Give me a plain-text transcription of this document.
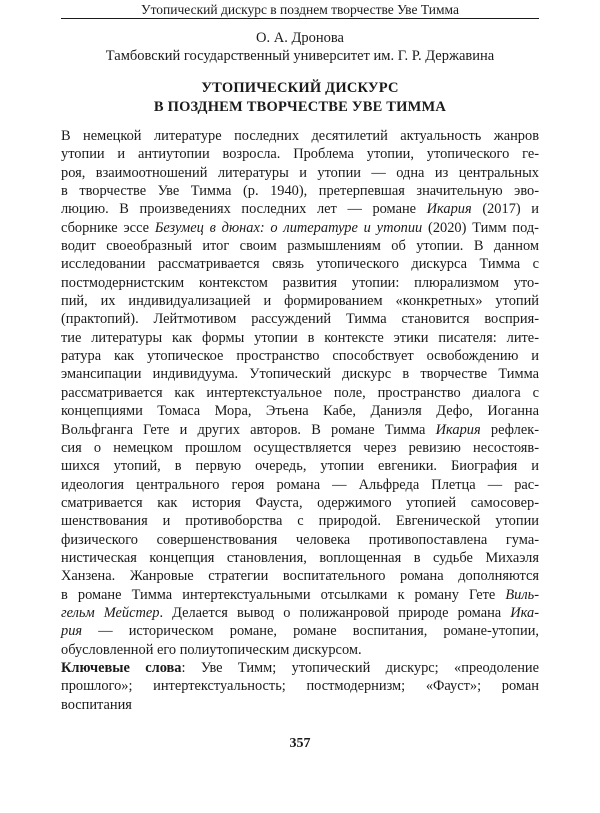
Утопический дискурс в позднем творчестве Уве Тимма
О. А. Дронова
Тамбовский государственный университет им. Г. Р. Державина
УТОПИЧЕСКИЙ ДИСКУРС
В ПОЗДНЕМ ТВОРЧЕСТВЕ УВЕ ТИММА
В немецкой литературе последних десятилетий актуальность жанров
утопии и антиутопии возросла. Проблема утопии, утопического ге-
роя, взаимоотношений литературы и утопии — одна из центральных
в творчестве Уве Тимма (р. 1940), претерпевшая значительную эво-
люцию. В произведениях последних лет — романе Икария (2017) и
сборнике эссе Безумец в дюнах: о литературе и утопии (2020) Тимм под-
водит своеобразный итог своим размышлениям об утопии. В данном
исследовании рассматривается связь утопического дискурса Тимма с
постмодернистским контекстом развития утопии: плюрализмом уто-
пий, их индивидуализацией и формированием «конкретных» утопий
(практопий). Лейтмотивом рассуждений Тимма становится восприя-
тие литературы как формы утопии в контексте этики писателя: лите-
ратура как утопическое пространство способствует освобождению и
эмансипации индивидуума. Утопический дискурс в творчестве Тимма
рассматривается как интертекстуальное поле, пространство диалога с
концепциями Томаса Мора, Этьена Кабе, Даниэля Дефо, Иоганна
Вольфганга Гете и других авторов. В романе Тимма Икария рефлек-
сия о немецком прошлом осуществляется через ревизию несостояв-
шихся утопий, в первую очередь, утопии евгеники. Биография и
идеология центрального героя романа — Альфреда Плетца — рас-
сматривается как история Фауста, одержимого утопией самосовер-
шенствования и противоборства с природой. Евгенической утопии
физического совершенствования человека противопоставлена гума-
нистическая концепция становления, воплощенная в судьбе Михаэля
Ханзена. Жанровые стратегии воспитательного романа дополняются
в романе Тимма интертекстуальными отсылками к роману Гете Виль-
гельм Мейстер. Делается вывод о полижанровой природе романа Ика-
рия — историческом романе, романе воспитания, романе-утопии,
обусловленной его полиутопическим дискурсом.
Ключевые слова: Уве Тимм; утопический дискурс; «преодоление
прошлого»; интертекстуальность; постмодернизм; «Фауст»; роман
воспитания
357
